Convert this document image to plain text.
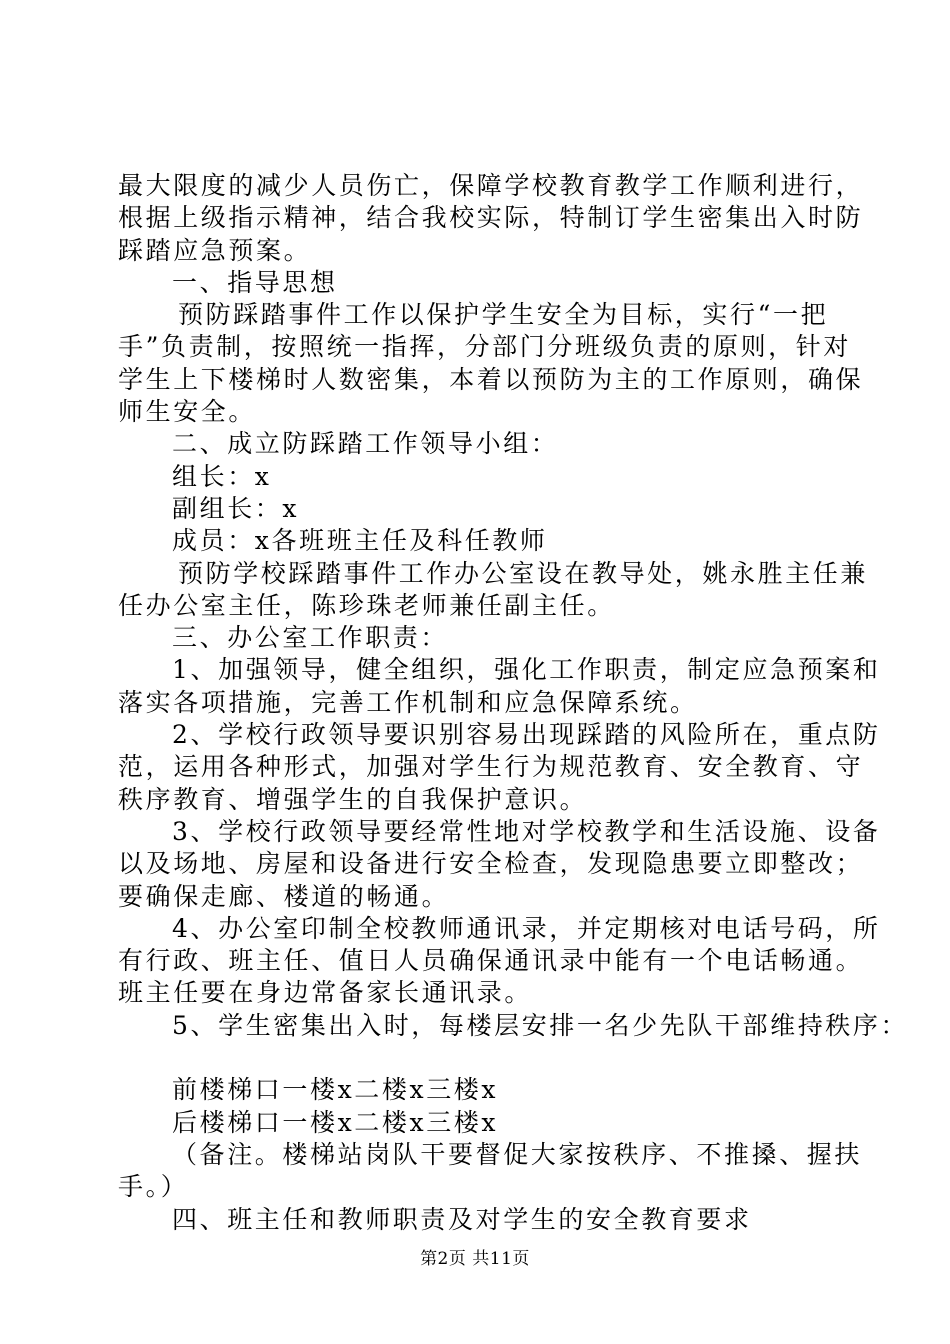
最大限度的减少人员伤亡，保障学校教育教学工作顺利进行，
根据上级指示精神，结合我校实际，特制订学生密集出入时防
踩踏应急预案。
一、指导思想
预防踩踏事件工作以保护学生安全为目标，实行“一把
手”负责制，按照统一指挥，分部门分班级负责的原则，针对
学生上下楼梯时人数密集，本着以预防为主的工作原则，确保
师生安全。
二、成立防踩踏工作领导小组：
组长：x
副组长：x
成员：x各班班主任及科任教师
预防学校踩踏事件工作办公室设在教导处，姚永胜主任兼
任办公室主任，陈珍珠老师兼任副主任。
三、办公室工作职责：
1、加强领导，健全组织，强化工作职责，制定应急预案和
落实各项措施，完善工作机制和应急保障系统。
2、学校行政领导要识别容易出现踩踏的风险所在，重点防
范，运用各种形式，加强对学生行为规范教育、安全教育、守
秩序教育、增强学生的自我保护意识。
3、学校行政领导要经常性地对学校教学和生活设施、设备
以及场地、房屋和设备进行安全检查，发现隐患要立即整改；
要确保走廊、楼道的畅通。
4、办公室印制全校教师通讯录，并定期核对电话号码，所
有行政、班主任、值日人员确保通讯录中能有一个电话畅通。
班主任要在身边常备家长通讯录。
5、学生密集出入时，每楼层安排一名少先队干部维持秩序：
前楼梯口一楼x二楼x三楼x
后楼梯口一楼x二楼x三楼x
（备注。楼梯站岗队干要督促大家按秩序、不推搡、握扶
手。）
四、班主任和教师职责及对学生的安全教育要求
第2页 共11页
